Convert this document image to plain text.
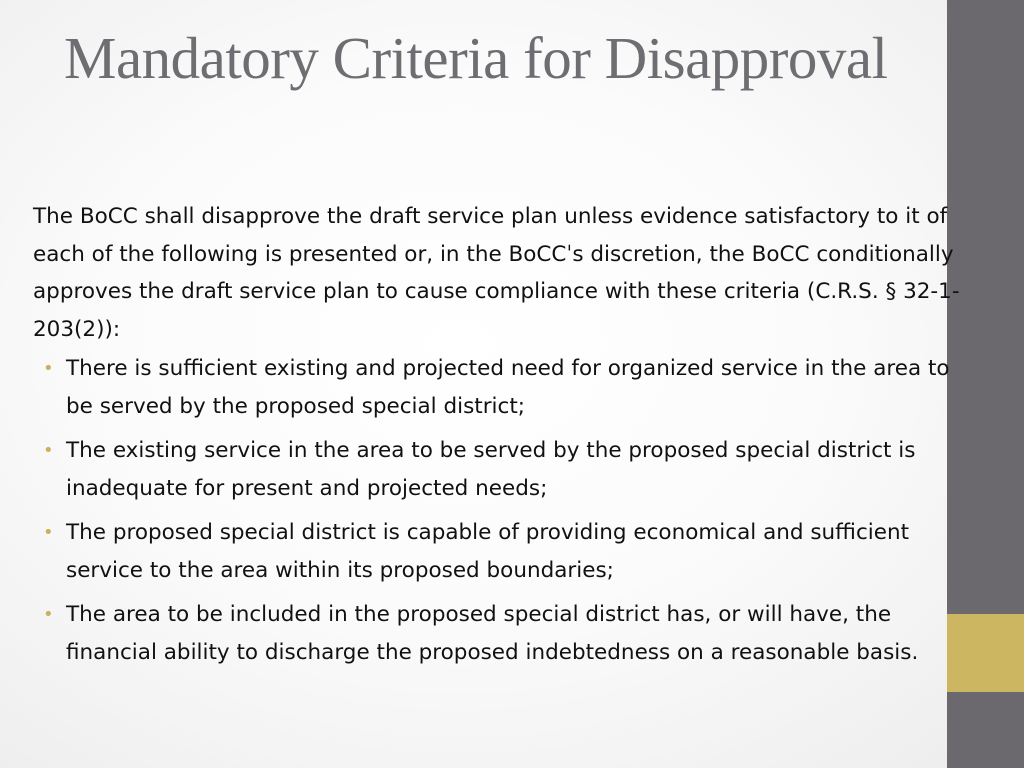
Mandatory Criteria for Disapproval

The BoCC shall disapprove the draft service plan unless evidence satisfactory to it of each of the following is presented or, in the BoCCˈs discretion, the BoCC conditionally approves the draft service plan to cause compliance with these criteria (C.R.S. § 32-1-203(2)):

• There is sufficient existing and projected need for organized service in the area to be served by the proposed special district;
• The existing service in the area to be served by the proposed special district is inadequate for present and projected needs;
• The proposed special district is capable of providing economical and sufficient service to the area within its proposed boundaries;
• The area to be included in the proposed special district has, or will have, the financial ability to discharge the proposed indebtedness on a reasonable basis.
